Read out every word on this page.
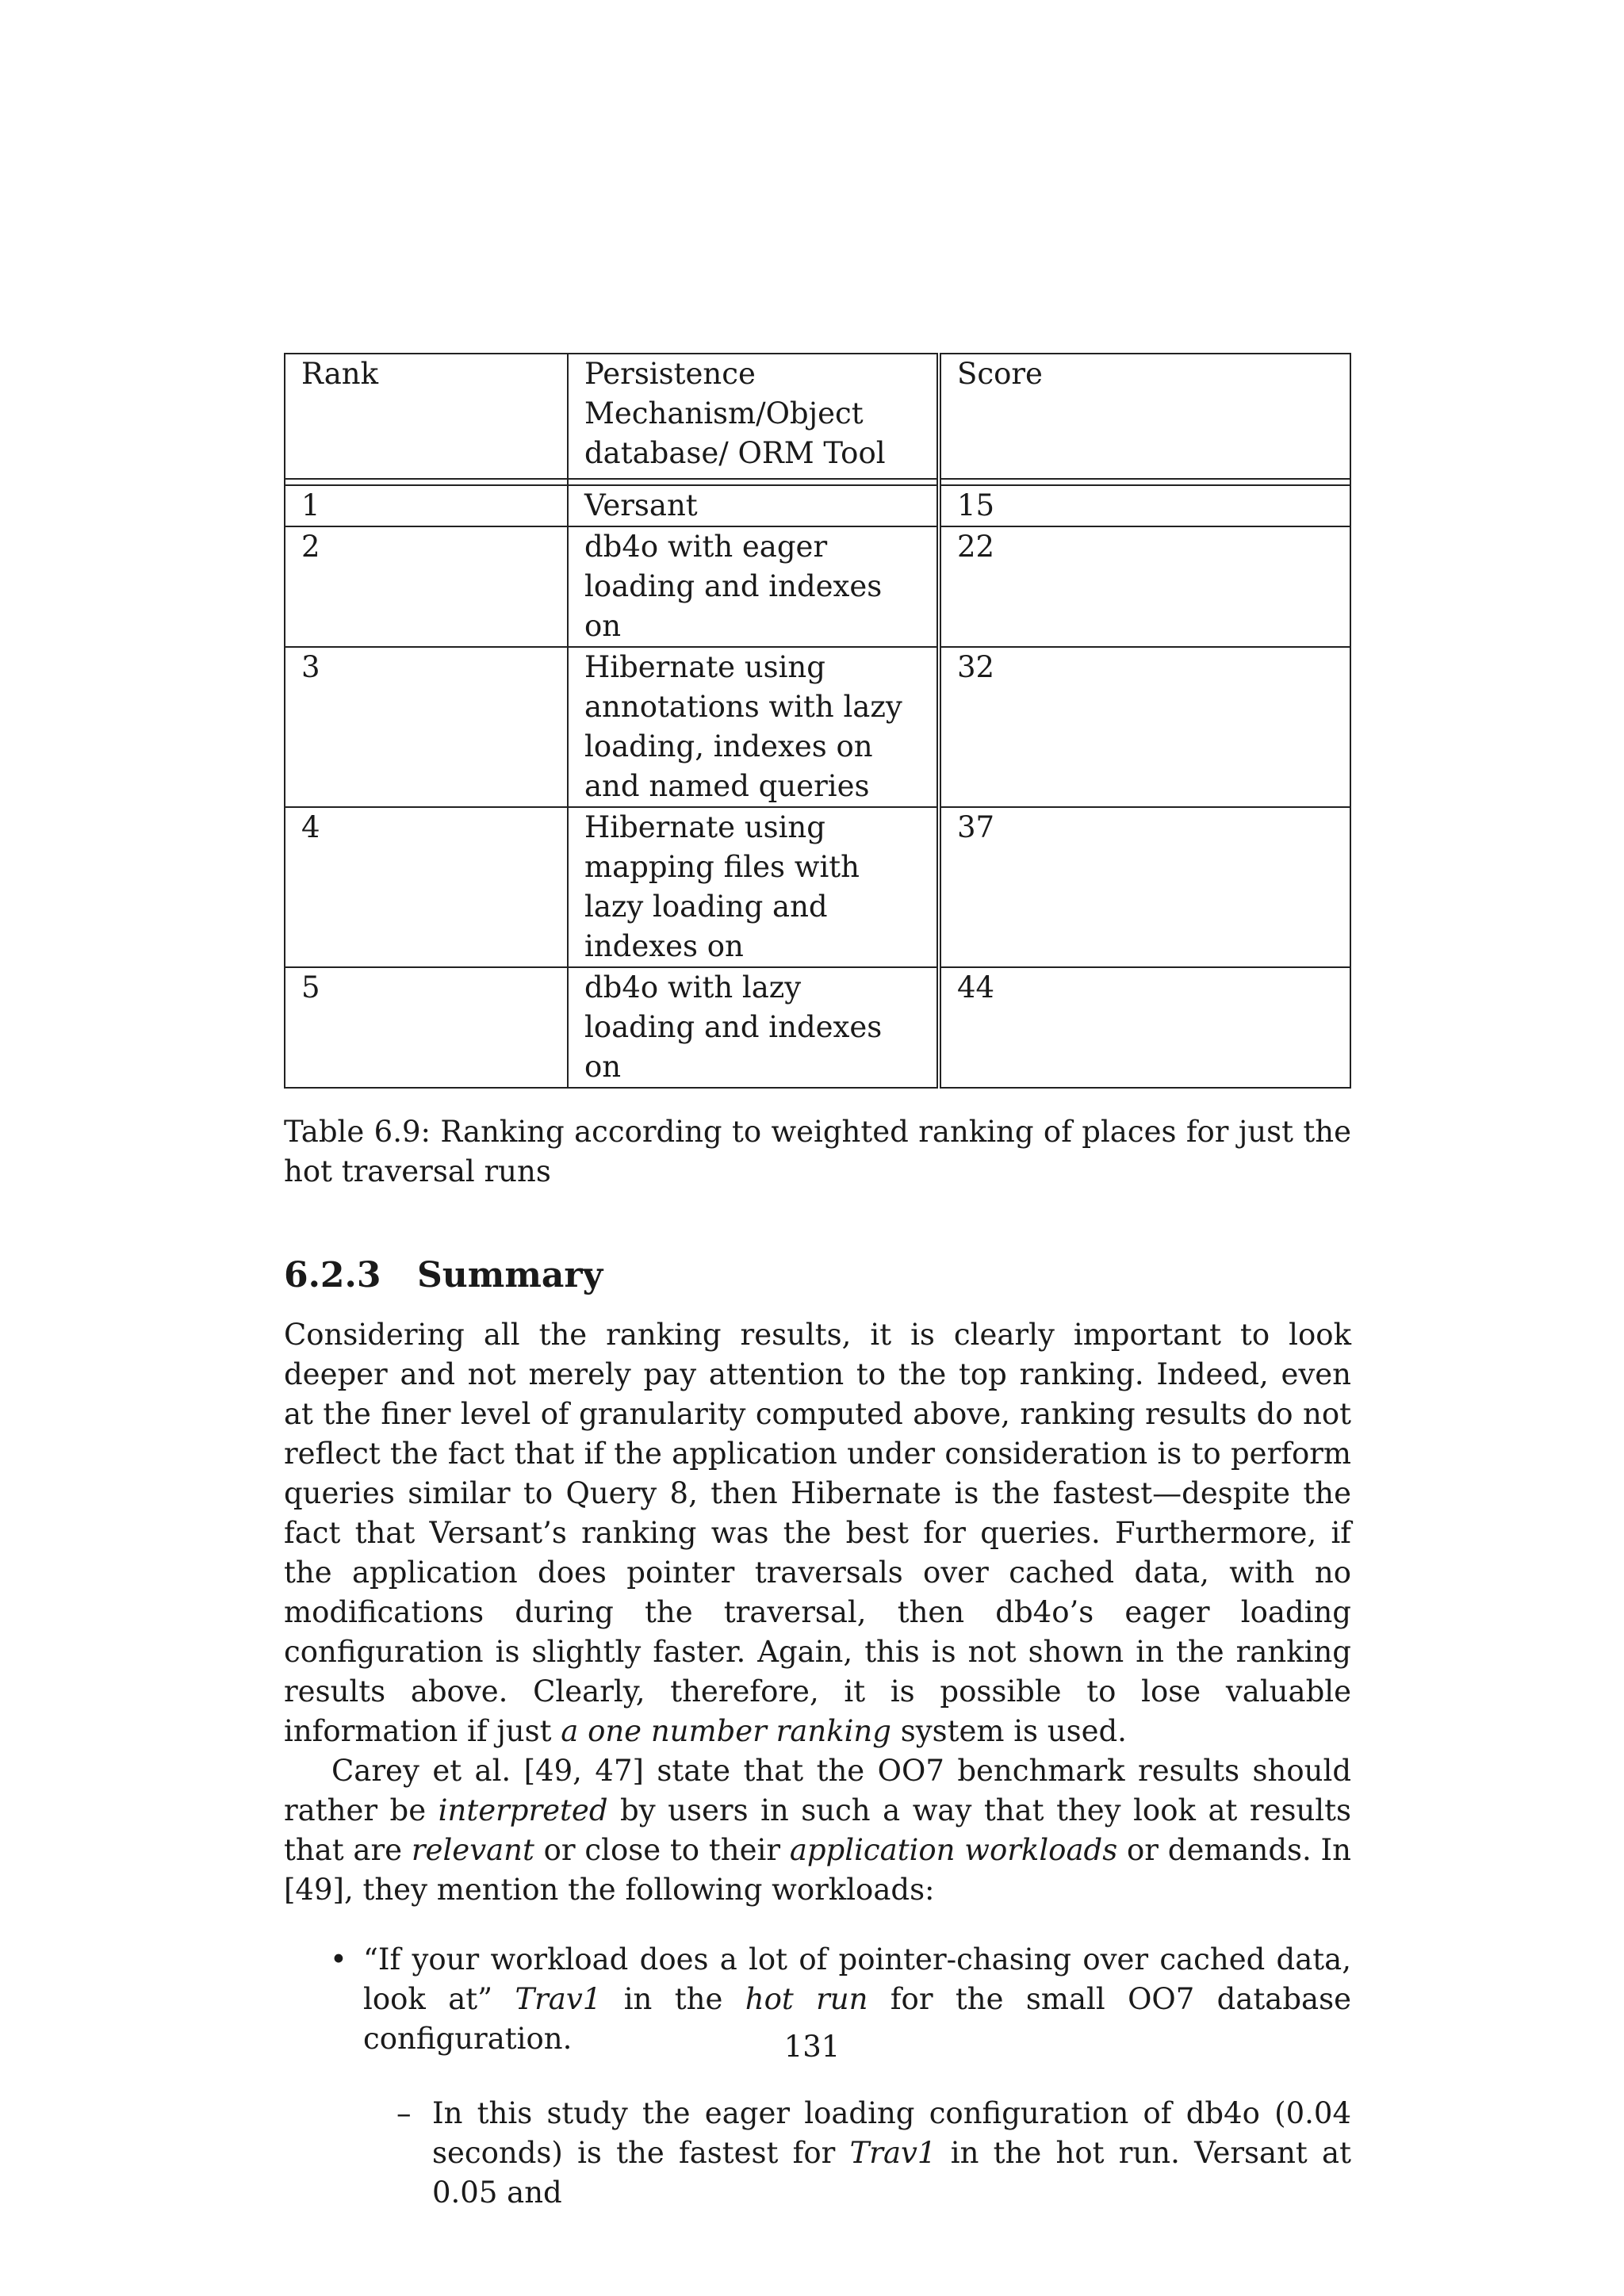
Rank	Persistence Mechanism/Object database/ ORM Tool	Score

1	Versant	15
2	db4o with eager loading and indexes on	22
3	Hibernate using annotations with lazy loading, indexes on and named queries	32
4	Hibernate using mapping files with lazy loading and indexes on	37
5	db4o with lazy loading and indexes on	44
Table 6.9: Ranking according to weighted ranking of places for just the hot traversal runs
6.2.3 Summary

Considering all the ranking results, it is clearly important to look deeper and not merely pay attention to the top ranking. Indeed, even at the finer level of granularity computed above, ranking results do not reflect the fact that if the application under consideration is to perform queries similar to Query 8, then Hibernate is the fastest—despite the fact that Versant’s ranking was the best for queries. Furthermore, if the application does pointer traversals over cached data, with no modifications during the traversal, then db4o’s eager loading configuration is slightly faster. Again, this is not shown in the ranking results above. Clearly, therefore, it is possible to lose valuable information if just a one number ranking system is used.

Carey et al. [49, 47] state that the OO7 benchmark results should rather be interpreted by users in such a way that they look at results that are relevant or close to their application workloads or demands. In [49], they mention the following workloads:

• “If your workload does a lot of pointer-chasing over cached data, look at” Trav1 in the hot run for the small OO7 database configuration.
– In this study the eager loading configuration of db4o (0.04 seconds) is the fastest for Trav1 in the hot run. Versant at 0.05 and
131
